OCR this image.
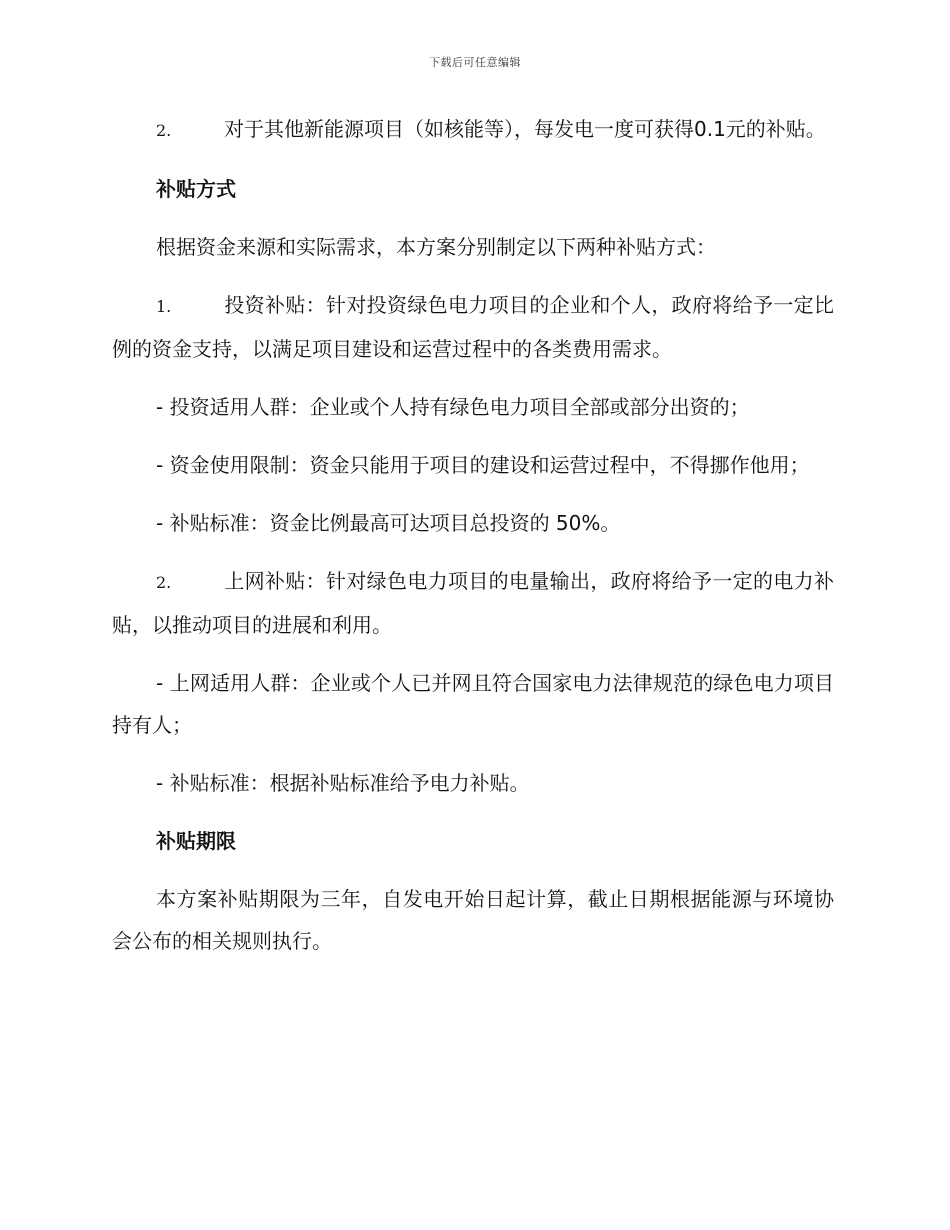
下载后可任意编辑
2.	对于其他新能源项目（如核能等），每发电一度可获得0.1元的补贴。
补贴方式
根据资金来源和实际需求，本方案分别制定以下两种补贴方式：
1.	投资补贴：针对投资绿色电力项目的企业和个人，政府将给予一定比例的资金支持，以满足项目建设和运营过程中的各类费用需求。
- 投资适用人群：企业或个人持有绿色电力项目全部或部分出资的；
- 资金使用限制：资金只能用于项目的建设和运营过程中，不得挪作他用；
- 补贴标准：资金比例最高可达项目总投资的 50%。
2.	上网补贴：针对绿色电力项目的电量输出，政府将给予一定的电力补贴，以推动项目的进展和利用。
- 上网适用人群：企业或个人已并网且符合国家电力法律规范的绿色电力项目持有人；
- 补贴标准：根据补贴标准给予电力补贴。
补贴期限
本方案补贴期限为三年，自发电开始日起计算，截止日期根据能源与环境协会公布的相关规则执行。
